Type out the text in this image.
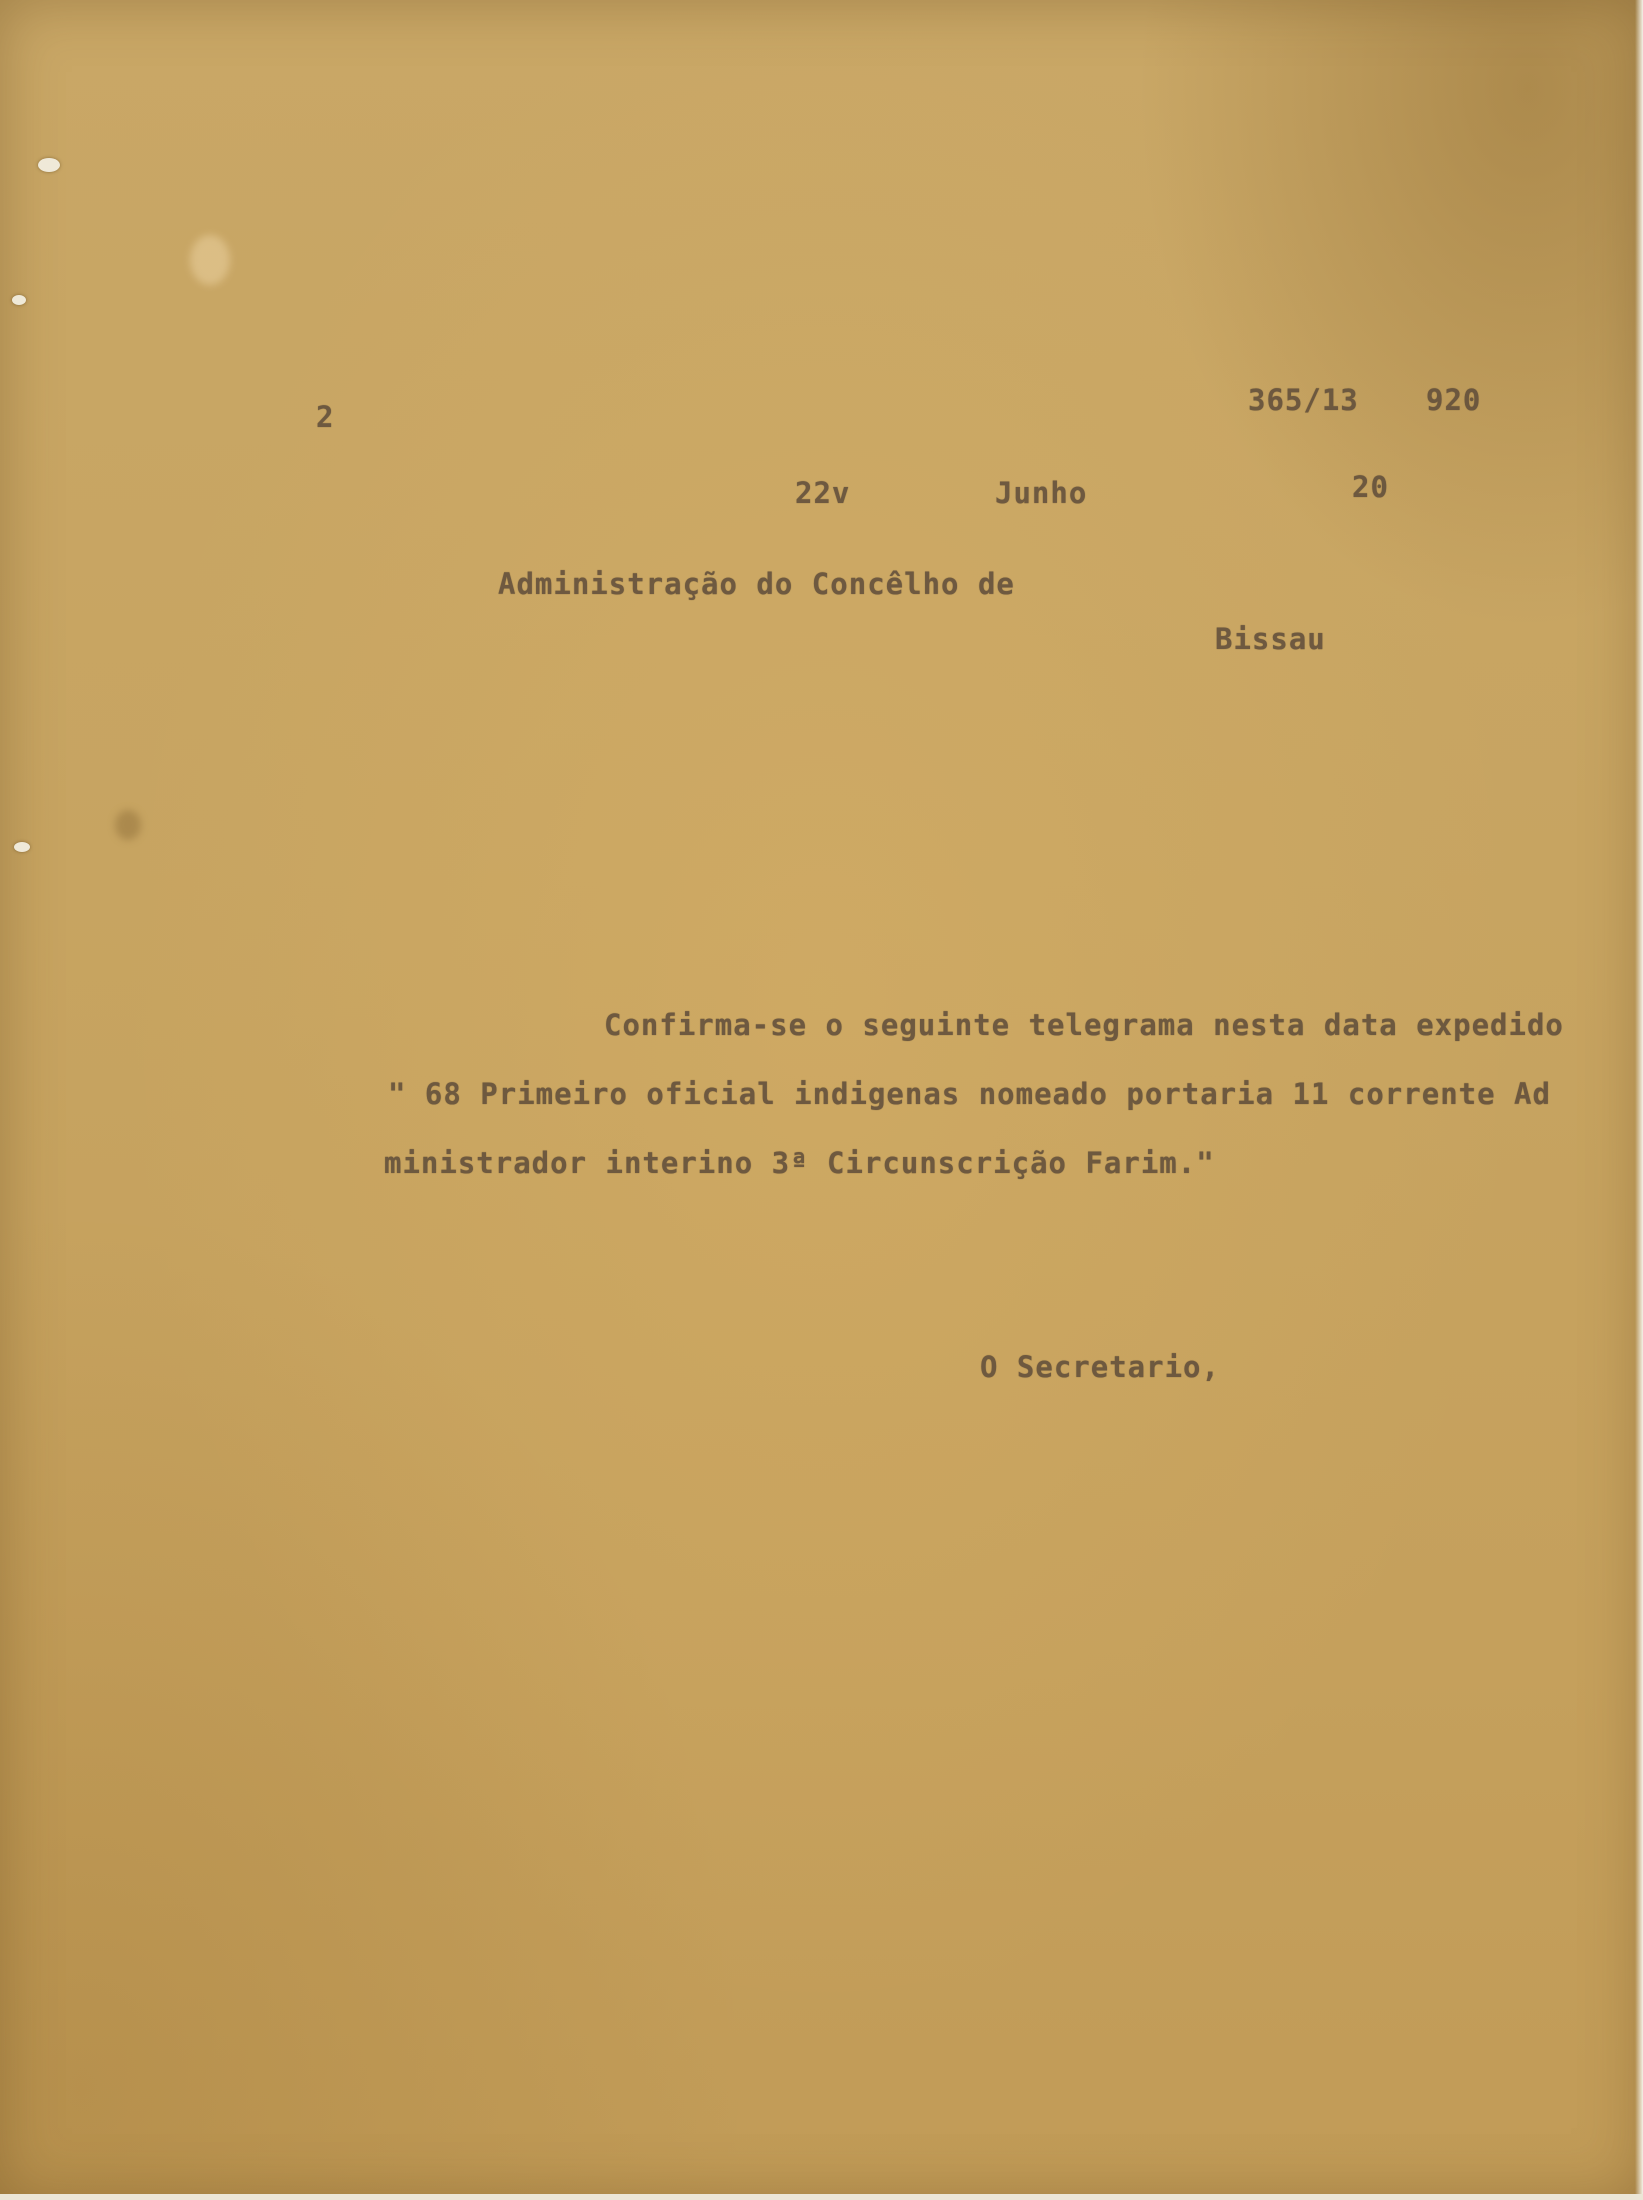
2	365/13 920

22v	Junho	20

Administração do Concêlho de

Bissau

Confirma-se o seguinte telegrama nesta data expedido

" 68 Primeiro oficial indigenas nomeado portaria 11 corrente Ad

ministrador interino 3ª Circunscrição Farim."

O Secretario,
